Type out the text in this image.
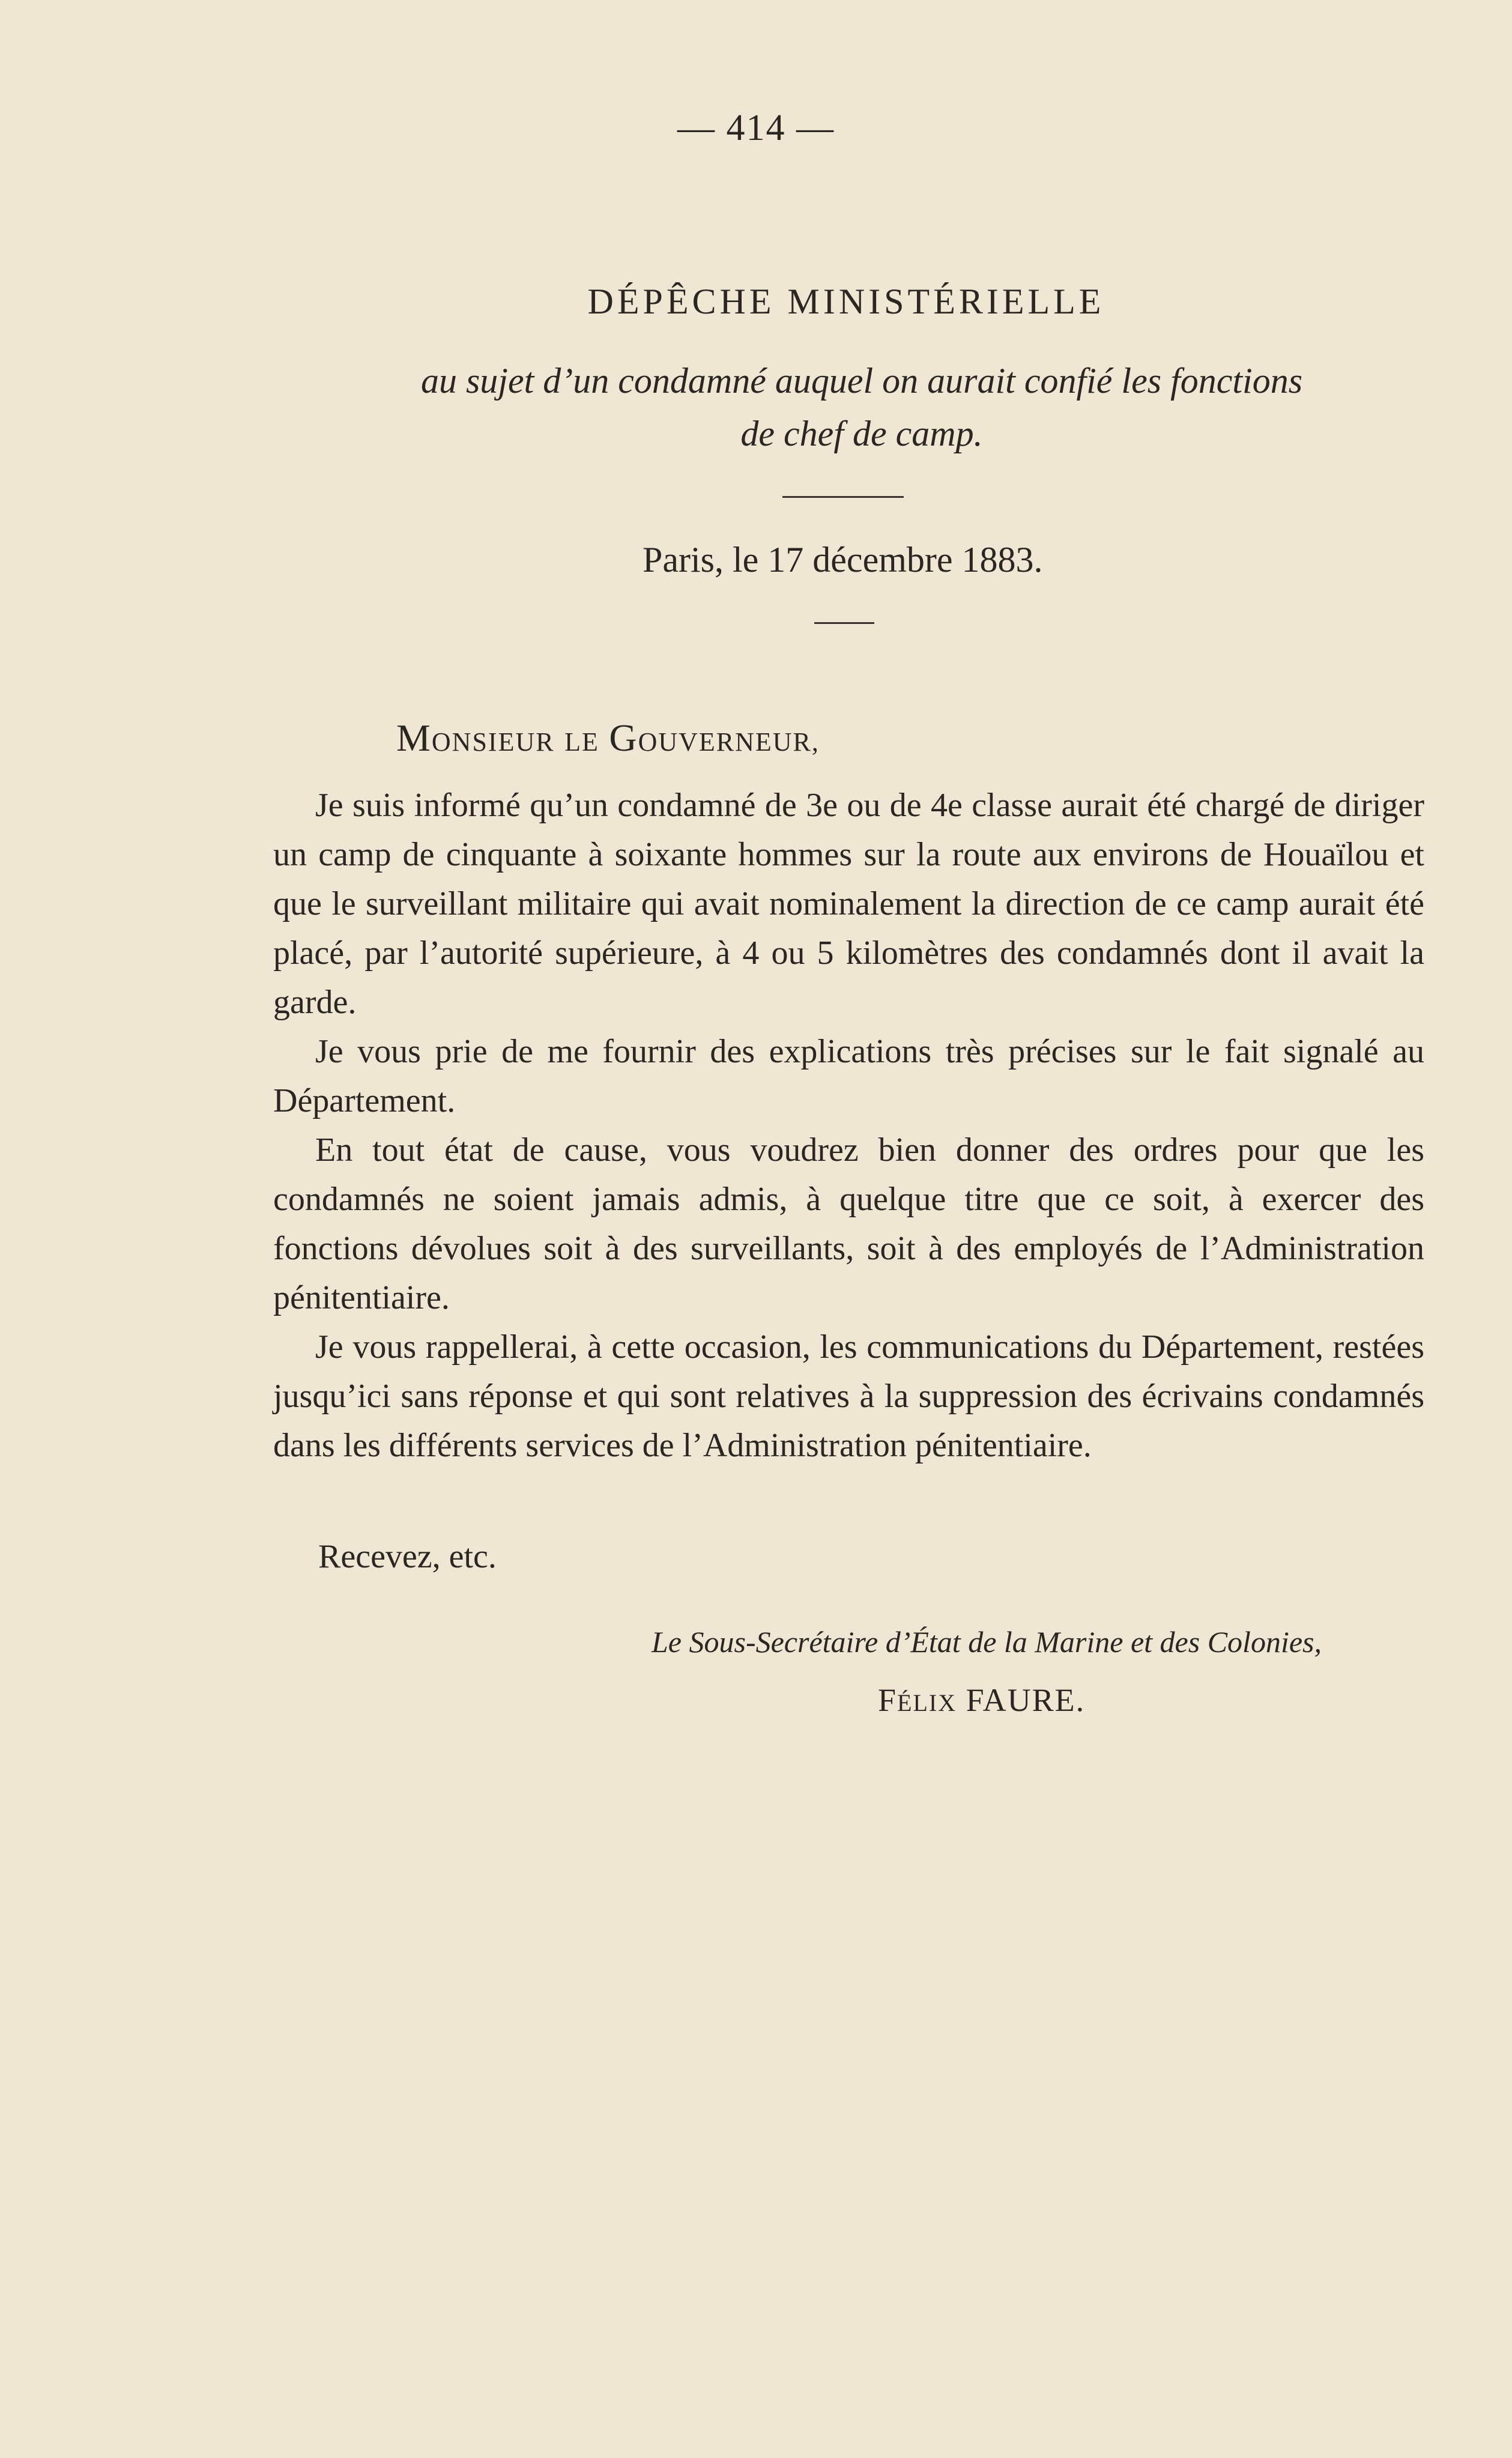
— 414 —
DÉPÊCHE MINISTÉRIELLE
au sujet d’un condamné auquel on aurait confié les fonctions
de chef de camp.
Paris, le 17 décembre 1883.
MONSIEUR LE GOUVERNEUR,

Je suis informé qu’un condamné de 3e ou de 4e classe aurait été chargé de diriger un camp de cinquante à soixante hommes sur la route aux environs de Houaïlou et que le surveillant militaire qui avait nominalement la direction de ce camp aurait été placé, par l’autorité supérieure, à 4 ou 5 kilomètres des condamnés dont il avait la garde.

Je vous prie de me fournir des explications très précises sur le fait signalé au Département.

En tout état de cause, vous voudrez bien donner des ordres pour que les condamnés ne soient jamais admis, à quelque titre que ce soit, à exercer des fonctions dévolues soit à des surveillants, soit à des employés de l’Administration pénitentiaire.

Je vous rappellerai, à cette occasion, les communications du Département, restées jusqu’ici sans réponse et qui sont relatives à la suppression des écrivains condamnés dans les différents services de l’Administration pénitentiaire.

Recevez, etc.
Le Sous-Secrétaire d’État de la Marine et des Colonies,
FÉLIX FAURE.
